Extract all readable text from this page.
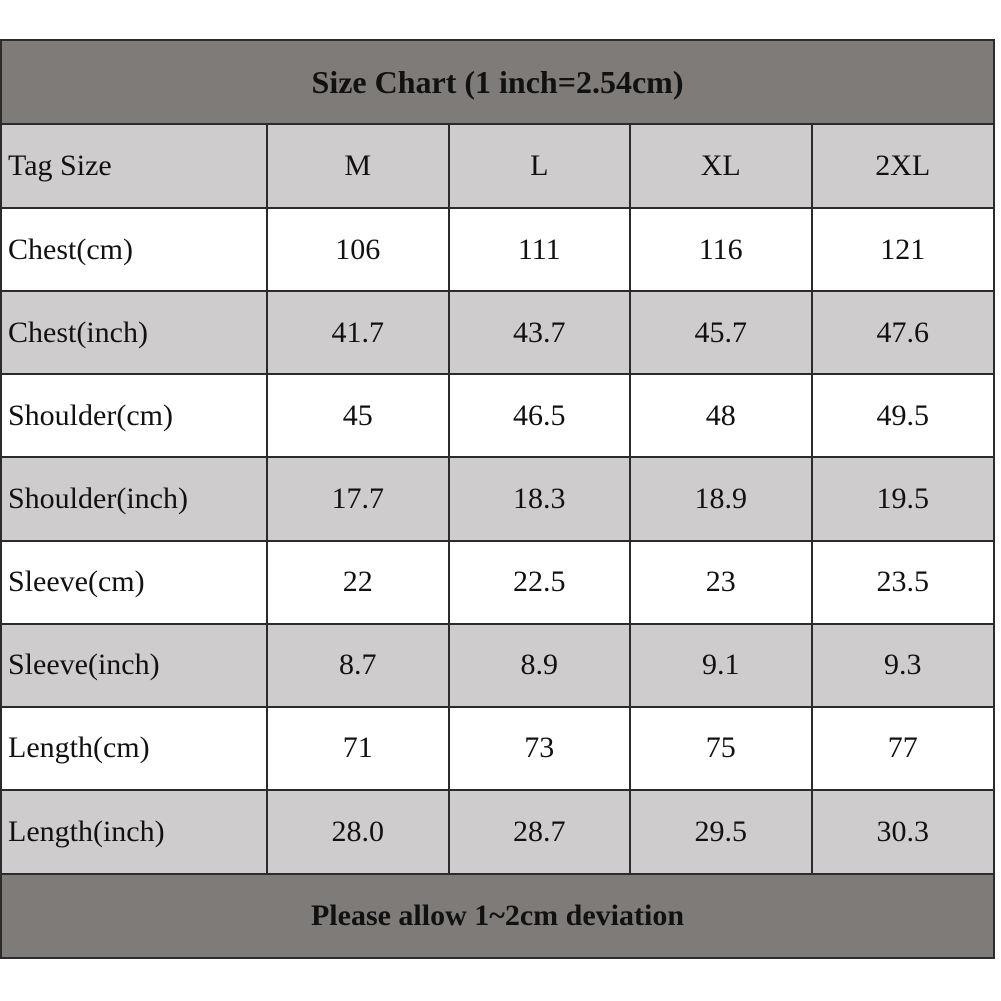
Size Chart (1 inch=2.54cm)
Tag Size	M	L	XL	2XL
Chest(cm)	106	111	116	121
Chest(inch)	41.7	43.7	45.7	47.6
Shoulder(cm)	45	46.5	48	49.5
Shoulder(inch)	17.7	18.3	18.9	19.5
Sleeve(cm)	22	22.5	23	23.5
Sleeve(inch)	8.7	8.9	9.1	9.3
Length(cm)	71	73	75	77
Length(inch)	28.0	28.7	29.5	30.3
Please allow 1~2cm deviation
